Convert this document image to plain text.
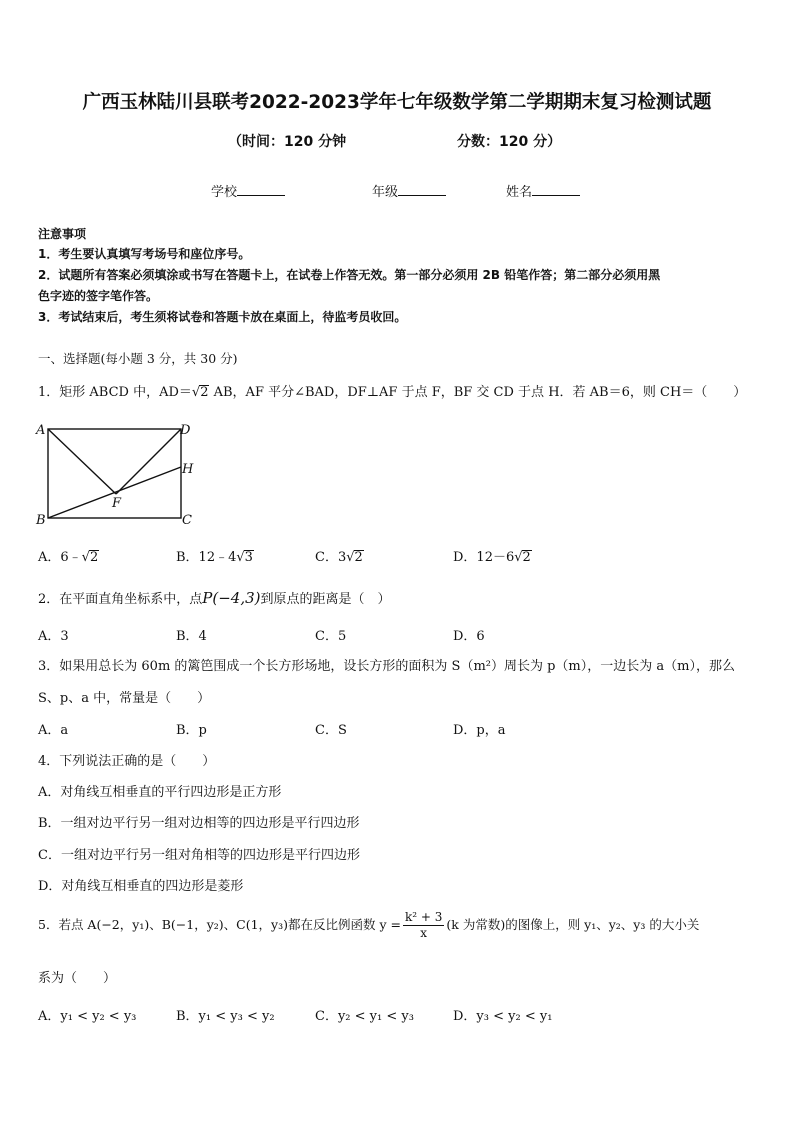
广西玉林陆川县联考2022-2023学年七年级数学第二学期期末复习检测试题
（时间：120 分钟	分数：120 分）
学校	年级	姓名
注意事项
1．考生要认真填写考场号和座位序号。
2．试题所有答案必须填涂或书写在答题卡上，在试卷上作答无效。第一部分必须用 2B 铅笔作答；第二部分必须用黑
色字迹的签字笔作答。
3．考试结束后，考生须将试卷和答题卡放在桌面上，待监考员收回。
一、选择题(每小题 3 分，共 30 分)
1．矩形 ABCD 中，AD＝√2 AB，AF 平分∠BAD，DF⊥AF 于点 F，BF 交 CD 于点 H．若 AB＝6，则 CH＝（　　）
A	D
H
F
B	C
A．6﹣√2	B．12﹣4√3	C．3√2	D．12－6√2
2．在平面直角坐标系中，点P(−4,3)到原点的距离是（　）
A．3	B．4	C．5	D．6
3．如果用总长为 60m 的篱笆围成一个长方形场地，设长方形的面积为 S（m²）周长为 p（m），一边长为 a（m），那么
S、p、a 中，常量是（　　）
A．a	B．p	C．S	D．p，a
4．下列说法正确的是（　　）
A．对角线互相垂直的平行四边形是正方形
B．一组对边平行另一组对边相等的四边形是平行四边形
C．一组对边平行另一组对角相等的四边形是平行四边形
D．对角线互相垂直的四边形是菱形
5．若点 A(−2，y₁)、B(−1，y₂)、C(1，y₃)都在反比例函数 $y = \frac{\text{k² + 3}}{x} (k$ 为常数)的图像上，则 y₁、y₂、y₃ 的大小关
系为（　　）
A．y₁ < y₂ < y₃	B．y₁ < y₃ < y₂	C．y₂ < y₁ < y₃	D．y₃ < y₂ < y₁
